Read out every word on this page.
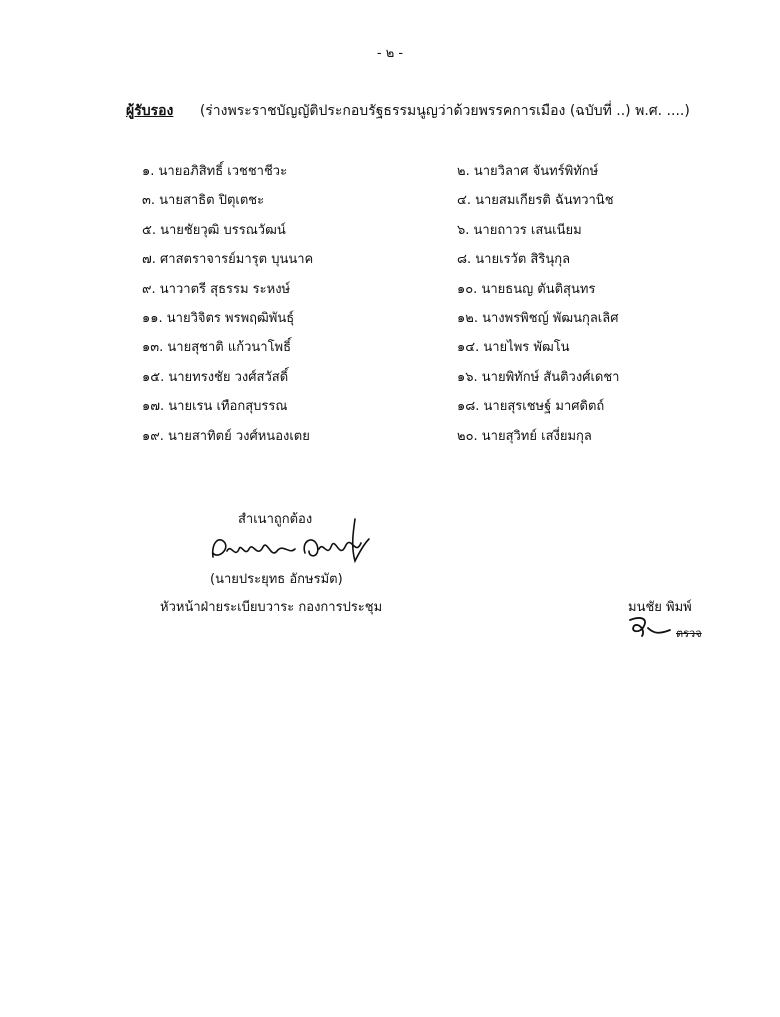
- ๒ -
ผู้รับรอง (ร่างพระราชบัญญัติประกอบรัฐธรรมนูญว่าด้วยพรรคการเมือง (ฉบับที่ ..) พ.ศ. ....)
๑. นายอภิสิทธิ์ เวชชาชีวะ
๓. นายสาธิต ปิตุเตชะ
๕. นายชัยวุฒิ บรรณวัฒน์
๗. ศาสตราจารย์มารุต บุนนาค
๙. นาวาตรี สุธรรม ระหงษ์
๑๑. นายวิจิตร พรพฤฒิพันธุ์
๑๓. นายสุชาติ แก้วนาโพธิ์
๑๕. นายทรงชัย วงศ์สวัสดิ์
๑๗. นายเรน เทือกสุบรรณ
๑๙. นายสาทิตย์ วงศ์หนองเตย
๒. นายวิลาศ จันทร์พิทักษ์
๔. นายสมเกียรติ ฉันทวานิช
๖. นายถาวร เสนเนียม
๘. นายเรวัต สิรินุกุล
๑๐. นายธนญ ตันติสุนทร
๑๒. นางพรพิชญ์ พัฒนกุลเลิศ
๑๔. นายไพร พัฒโน
๑๖. นายพิทักษ์ สันติวงศ์เดชา
๑๘. นายสุรเชษฐ์ มาศดิตถ์
๒๐. นายสุวิทย์ เสงี่ยมกุล
สำเนาถูกต้อง
(นายประยุทธ อักษรมัต)
หัวหน้าฝ่ายระเบียบวาระ กองการประชุม	มนชัย พิมพ์
ตรวจ
